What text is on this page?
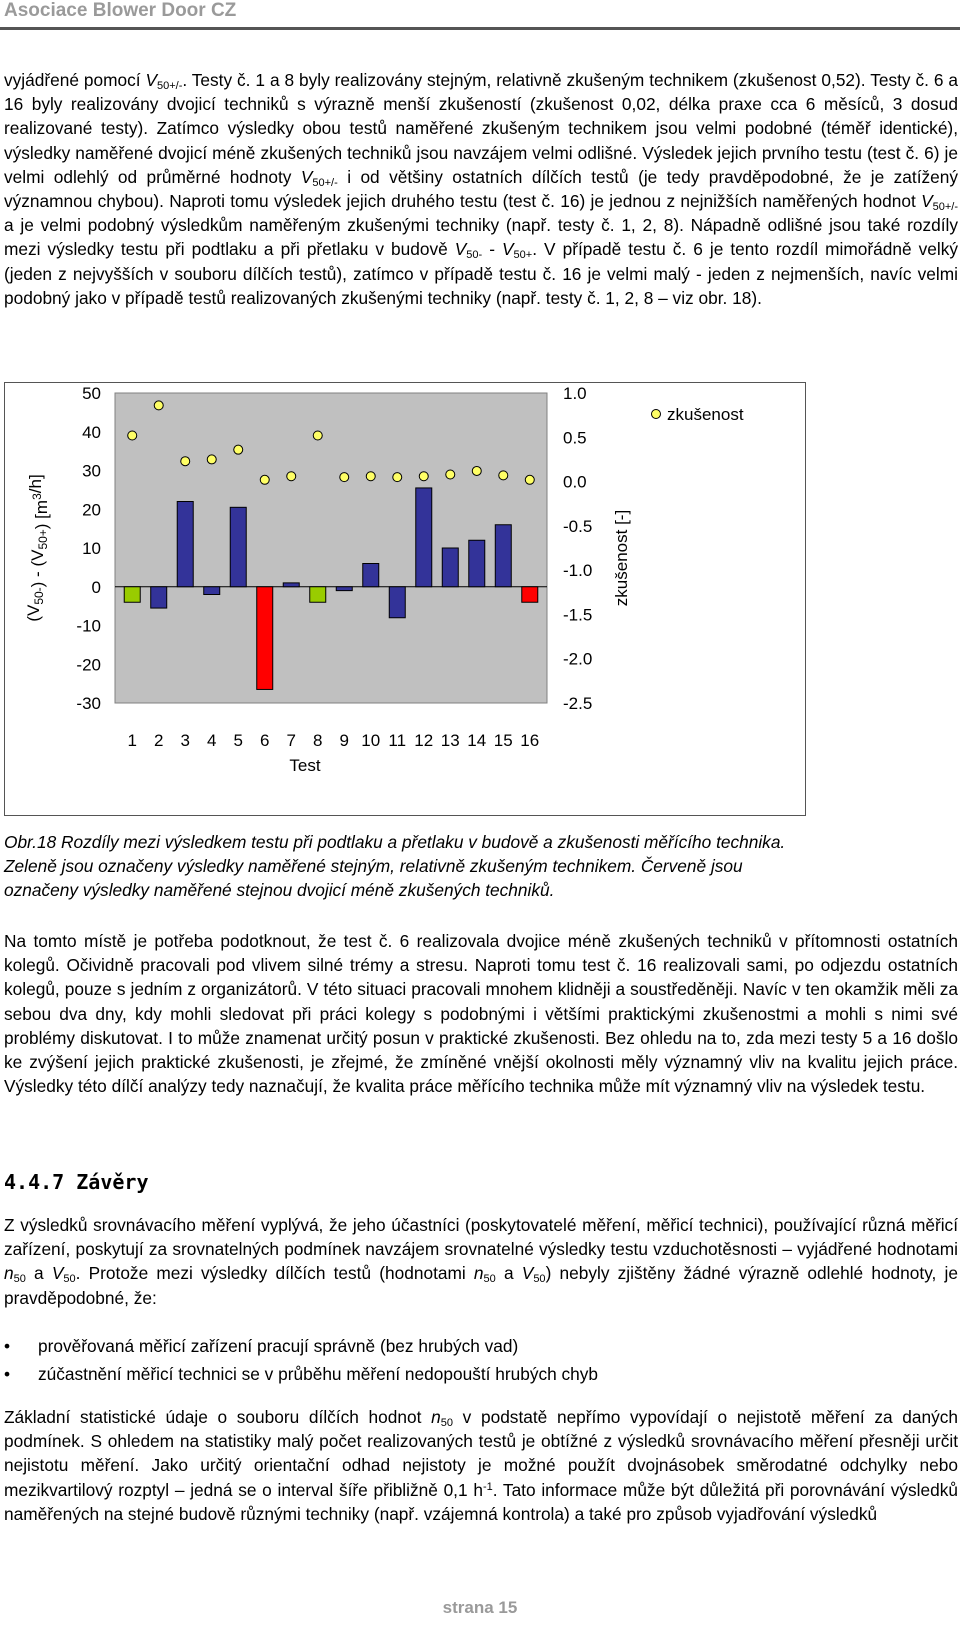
Asociace Blower Door CZ
vyjádřené pomocí $V_{50+/-}$. Testy č. 1 a 8 byly realizovány stejným, relativně zkušeným technikem (zkušenost 0,52). Testy č. 6 a 16 byly realizovány dvojicí techniků s výrazně menší zkušeností (zkušenost 0,02, délka praxe cca 6 měsíců, 3 dosud realizované testy). Zatímco výsledky obou testů naměřené zkušeným technikem jsou velmi podobné (téměř identické), výsledky naměřené dvojicí méně zkušených techniků jsou navzájem velmi odlišné. Výsledek jejich prvního testu (test č. 6) je velmi odlehlý od průměrné hodnoty $V_{50+/-}$ i od většiny ostatních dílčích testů (je tedy pravděpodobné, že je zatížený významnou chybou). Naproti tomu výsledek jejich druhého testu (test č. 16) je jednou z nejnižších naměřených hodnot $V_{50+/-}$ a je velmi podobný výsledkům naměřeným zkušenými techniky (např. testy č. 1, 2, 8). Nápadně odlišné jsou také rozdíly mezi výsledky testu při podtlaku a při přetlaku v budově $V_{50-} - V_{50+}$. V případě testu č. 6 je tento rozdíl mimořádně velký (jeden z nejvyšších v souboru dílčích testů), zatímco v případě testu č. 16 je velmi malý - jeden z nejmenších, navíc velmi podobný jako v případě testů realizovaných zkušenými techniky (např. testy č. 1, 2, 8 – viz obr. 18).
50
40
30
20
10
0
-10
-20
-30
1.0
0.5
0.0
-0.5
-1.0
-1.5
-2.0
-2.5
1 2 3 4 5 6 7 8 9 10 11 12 13 14 15 16
Test
$(V_{50-}) - (V_{50+})$ $[m^3/h]$
zkušenost [-]
zkušenost
Obr.18 Rozdíly mezi výsledkem testu při podtlaku a přetlaku v budově a zkušenosti měřícího technika.
Zeleně jsou označeny výsledky naměřené stejným, relativně zkušeným technikem. Červeně jsou
označeny výsledky naměřené stejnou dvojicí méně zkušených techniků.
Na tomto místě je potřeba podotknout, že test č. 6 realizovala dvojice méně zkušených techniků v přítomnosti ostatních kolegů. Očividně pracovali pod vlivem silné trémy a stresu. Naproti tomu test č. 16 realizovali sami, po odjezdu ostatních kolegů, pouze s jedním z organizátorů. V této situaci pracovali mnohem klidněji a soustředěněji. Navíc v ten okamžik měli za sebou dva dny, kdy mohli sledovat při práci kolegy s podobnými i většími praktickými zkušenostmi a mohli s nimi své problémy diskutovat. I to může znamenat určitý posun v praktické zkušenosti. Bez ohledu na to, zda mezi testy 5 a 16 došlo ke zvýšení jejich praktické zkušenosti, je zřejmé, že zmíněné vnější okolnosti měly významný vliv na kvalitu jejich práce. Výsledky této dílčí analýzy tedy naznačují, že kvalita práce měřícího technika může mít významný vliv na výsledek testu.
4.4.7 Závěry
Z výsledků srovnávacího měření vyplývá, že jeho účastníci (poskytovatelé měření, měřicí technici), používající různá měřicí zařízení, poskytují za srovnatelných podmínek navzájem srovnatelné výsledky testu vzduchotěsnosti – vyjádřené hodnotami $n_{50}$ a $V_{50}$. Protože mezi výsledky dílčích testů (hodnotami $n_{50}$ a $V_{50}$) nebyly zjištěny žádné výrazně odlehlé hodnoty, je pravděpodobné, že:
•	prověřovaná měřicí zařízení pracují správně (bez hrubých vad)
•	zúčastnění měřicí technici se v průběhu měření nedopouští hrubých chyb
Základní statistické údaje o souboru dílčích hodnot $n_{50}$ v podstatě nepřímo vypovídají o nejistotě měření za daných podmínek. S ohledem na statistiky malý počet realizovaných testů je obtížné z výsledků srovnávacího měření přesněji určit nejistotu měření. Jako určitý orientační odhad nejistoty je možné použít dvojnásobek směrodatné odchylky nebo mezikvartilový rozptyl – jedná se o interval šíře přibližně 0,1 $h^{-1}$. Tato informace může být důležitá při porovnávání výsledků naměřených na stejné budově různými techniky (např. vzájemná kontrola) a také pro způsob vyjadřování výsledků
strana 15
